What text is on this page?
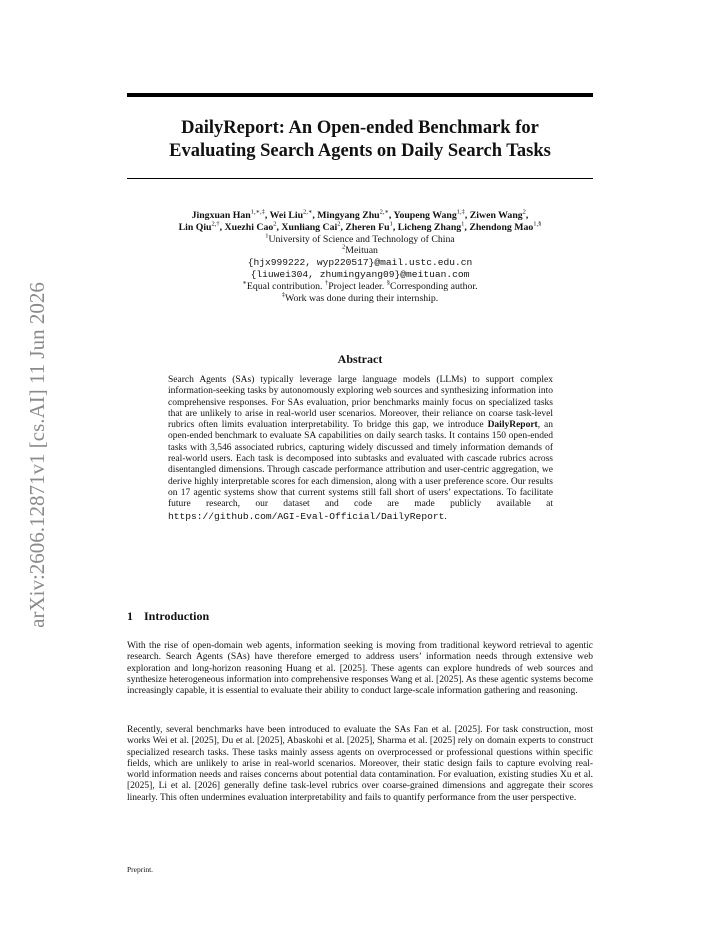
arXiv:2606.12871v1 [cs.AI] 11 Jun 2026
DailyReport: An Open-ended Benchmark for
Evaluating Search Agents on Daily Search Tasks
Jingxuan Han$^{1,∗,\ddagger}$, Wei Liu$^{2,∗}$, Mingyang Zhu$^{2,∗}$, Youpeng Wang$^{1,\ddagger}$, Ziwen Wang$^2$,
Lin Qiu$^{2,\dagger}$, Xuezhi Cao$^2$, Xunliang Cai$^2$, Zheren Fu$^1$, Licheng Zhang$^1$, Zhendong Mao$^{1,\S}$
$^1$University of Science and Technology of China
$^2$Meituan
{hjx999222, wyp220517}@mail.ustc.edu.cn
{liuwei304, zhumingyang09}@meituan.com
∗Equal contribution. †Project leader. §Corresponding author.
‡Work was done during their internship.
Abstract
Search Agents (SAs) typically leverage large language models (LLMs) to support complex information-seeking tasks by autonomously exploring web sources and synthesizing information into comprehensive responses. For SAs evaluation, prior benchmarks mainly focus on specialized tasks that are unlikely to arise in real-world user scenarios. Moreover, their reliance on coarse task-level rubrics often limits evaluation interpretability. To bridge this gap, we introduce DailyReport, an open-ended benchmark to evaluate SA capabilities on daily search tasks. It contains 150 open-ended tasks with 3,546 associated rubrics, capturing widely discussed and timely information demands of real-world users. Each task is decomposed into subtasks and evaluated with cascade rubrics across disentangled dimensions. Through cascade performance attribution and user-centric aggregation, we derive highly interpretable scores for each dimension, along with a user preference score. Our results on 17 agentic systems show that current systems still fall short of users’ expectations. To facilitate future research, our dataset and code are made publicly available at https://github.com/AGI-Eval-Official/DailyReport.
1 Introduction
With the rise of open-domain web agents, information seeking is moving from traditional keyword retrieval to agentic research. Search Agents (SAs) have therefore emerged to address users’ information needs through extensive web exploration and long-horizon reasoning Huang et al. [2025]. These agents can explore hundreds of web sources and synthesize heterogeneous information into comprehensive responses Wang et al. [2025]. As these agentic systems become increasingly capable, it is essential to evaluate their ability to conduct large-scale information gathering and reasoning.
Recently, several benchmarks have been introduced to evaluate the SAs Fan et al. [2025]. For task construction, most works Wei et al. [2025], Du et al. [2025], Abaskohi et al. [2025], Sharma et al. [2025] rely on domain experts to construct specialized research tasks. These tasks mainly assess agents on overprocessed or professional questions within specific fields, which are unlikely to arise in real-world scenarios. Moreover, their static design fails to capture evolving real-world information needs and raises concerns about potential data contamination. For evaluation, existing studies Xu et al. [2025], Li et al. [2026] generally define task-level rubrics over coarse-grained dimensions and aggregate their scores linearly. This often undermines evaluation interpretability and fails to quantify performance from the user perspective.
Preprint.
